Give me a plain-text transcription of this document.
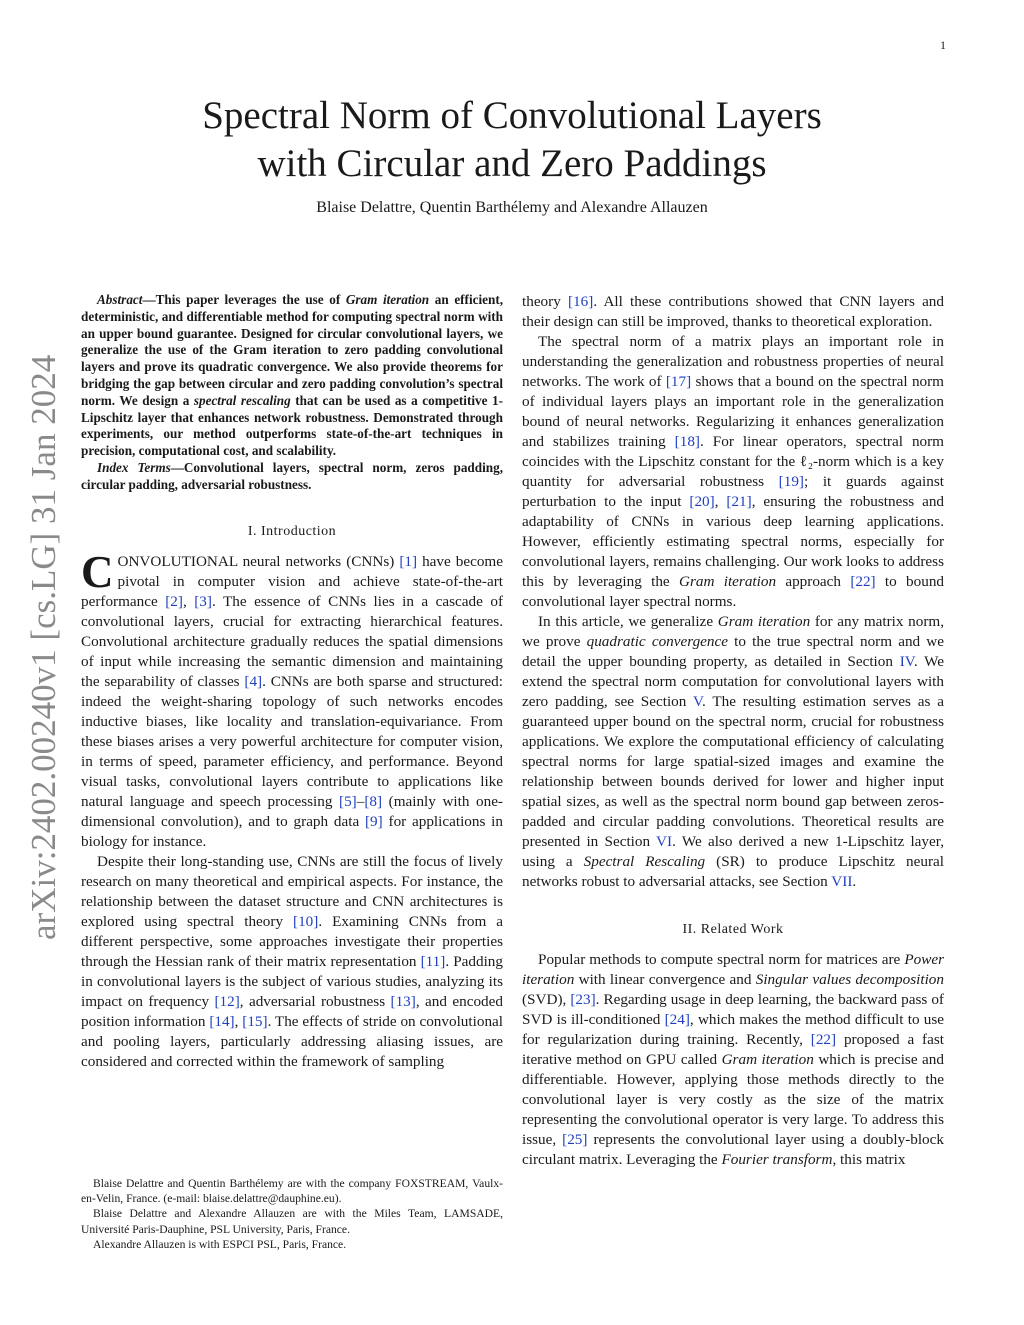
1
arXiv:2402.00240v1 [cs.LG] 31 Jan 2024
Spectral Norm of Convolutional Layers
with Circular and Zero Paddings
Blaise Delattre, Quentin Barthélemy and Alexandre Allauzen

Abstract—This paper leverages the use of Gram iteration an efficient, deterministic, and differentiable method for computing spectral norm with an upper bound guarantee. Designed for circular convolutional layers, we generalize the use of the Gram iteration to zero padding convolutional layers and prove its quadratic convergence. We also provide theorems for bridging the gap between circular and zero padding convolution’s spectral norm. We design a spectral rescaling that can be used as a competitive 1-Lipschitz layer that enhances network robustness. Demonstrated through experiments, our method outperforms state-of-the-art techniques in precision, computational cost, and scalability.

Index Terms—Convolutional layers, spectral norm, zeros padding, circular padding, adversarial robustness.

I. Introduction

CONVOLUTIONAL neural networks (CNNs) [1] have become pivotal in computer vision and achieve state-of-the-art performance [2], [3]. The essence of CNNs lies in a cascade of convolutional layers, crucial for extracting hierarchical features. Convolutional architecture gradually reduces the spatial dimensions of input while increasing the semantic dimension and maintaining the separability of classes [4]. CNNs are both sparse and structured: indeed the weight-sharing topology of such networks encodes inductive biases, like locality and translation-equivariance. From these biases arises a very powerful architecture for computer vision, in terms of speed, parameter efficiency, and performance. Beyond visual tasks, convolutional layers contribute to applications like natural language and speech processing [5]–[8] (mainly with one-dimensional convolution), and to graph data [9] for applications in biology for instance.

Despite their long-standing use, CNNs are still the focus of lively research on many theoretical and empirical aspects. For instance, the relationship between the dataset structure and CNN architectures is explored using spectral theory [10]. Examining CNNs from a different perspective, some approaches investigate their properties through the Hessian rank of their matrix representation [11]. Padding in convolutional layers is the subject of various studies, analyzing its impact on frequency [12], adversarial robustness [13], and encoded position information [14], [15]. The effects of stride on convolutional and pooling layers, particularly addressing aliasing issues, are considered and corrected within the framework of sampling

Blaise Delattre and Quentin Barthélemy are with the company FOXSTREAM, Vaulx-en-Velin, France. (e-mail: blaise.delattre@dauphine.eu).

Blaise Delattre and Alexandre Allauzen are with the Miles Team, LAMSADE, Université Paris-Dauphine, PSL University, Paris, France.

Alexandre Allauzen is with ESPCI PSL, Paris, France.

theory [16]. All these contributions showed that CNN layers and their design can still be improved, thanks to theoretical exploration.

The spectral norm of a matrix plays an important role in understanding the generalization and robustness properties of neural networks. The work of [17] shows that a bound on the spectral norm of individual layers plays an important role in the generalization bound of neural networks. Regularizing it enhances generalization and stabilizes training [18]. For linear operators, spectral norm coincides with the Lipschitz constant for the ℓ₂-norm which is a key quantity for adversarial robustness [19]; it guards against perturbation to the input [20], [21], ensuring the robustness and adaptability of CNNs in various deep learning applications. However, efficiently estimating spectral norms, especially for convolutional layers, remains challenging. Our work looks to address this by leveraging the Gram iteration approach [22] to bound convolutional layer spectral norms.

In this article, we generalize Gram iteration for any matrix norm, we prove quadratic convergence to the true spectral norm and we detail the upper bounding property, as detailed in Section IV. We extend the spectral norm computation for convolutional layers with zero padding, see Section V. The resulting estimation serves as a guaranteed upper bound on the spectral norm, crucial for robustness applications. We explore the computational efficiency of calculating spectral norms for large spatial-sized images and examine the relationship between bounds derived for lower and higher input spatial sizes, as well as the spectral norm bound gap between zeros-padded and circular padding convolutions. Theoretical results are presented in Section VI. We also derived a new 1-Lipschitz layer, using a Spectral Rescaling (SR) to produce Lipschitz neural networks robust to adversarial attacks, see Section VII.

II. Related Work

Popular methods to compute spectral norm for matrices are Power iteration with linear convergence and Singular values decomposition (SVD), [23]. Regarding usage in deep learning, the backward pass of SVD is ill-conditioned [24], which makes the method difficult to use for regularization during training. Recently, [22] proposed a fast iterative method on GPU called Gram iteration which is precise and differentiable. However, applying those methods directly to the convolutional layer is very costly as the size of the matrix representing the convolutional operator is very large. To address this issue, [25] represents the convolutional layer using a doubly-block circulant matrix. Leveraging the Fourier transform, this matrix
